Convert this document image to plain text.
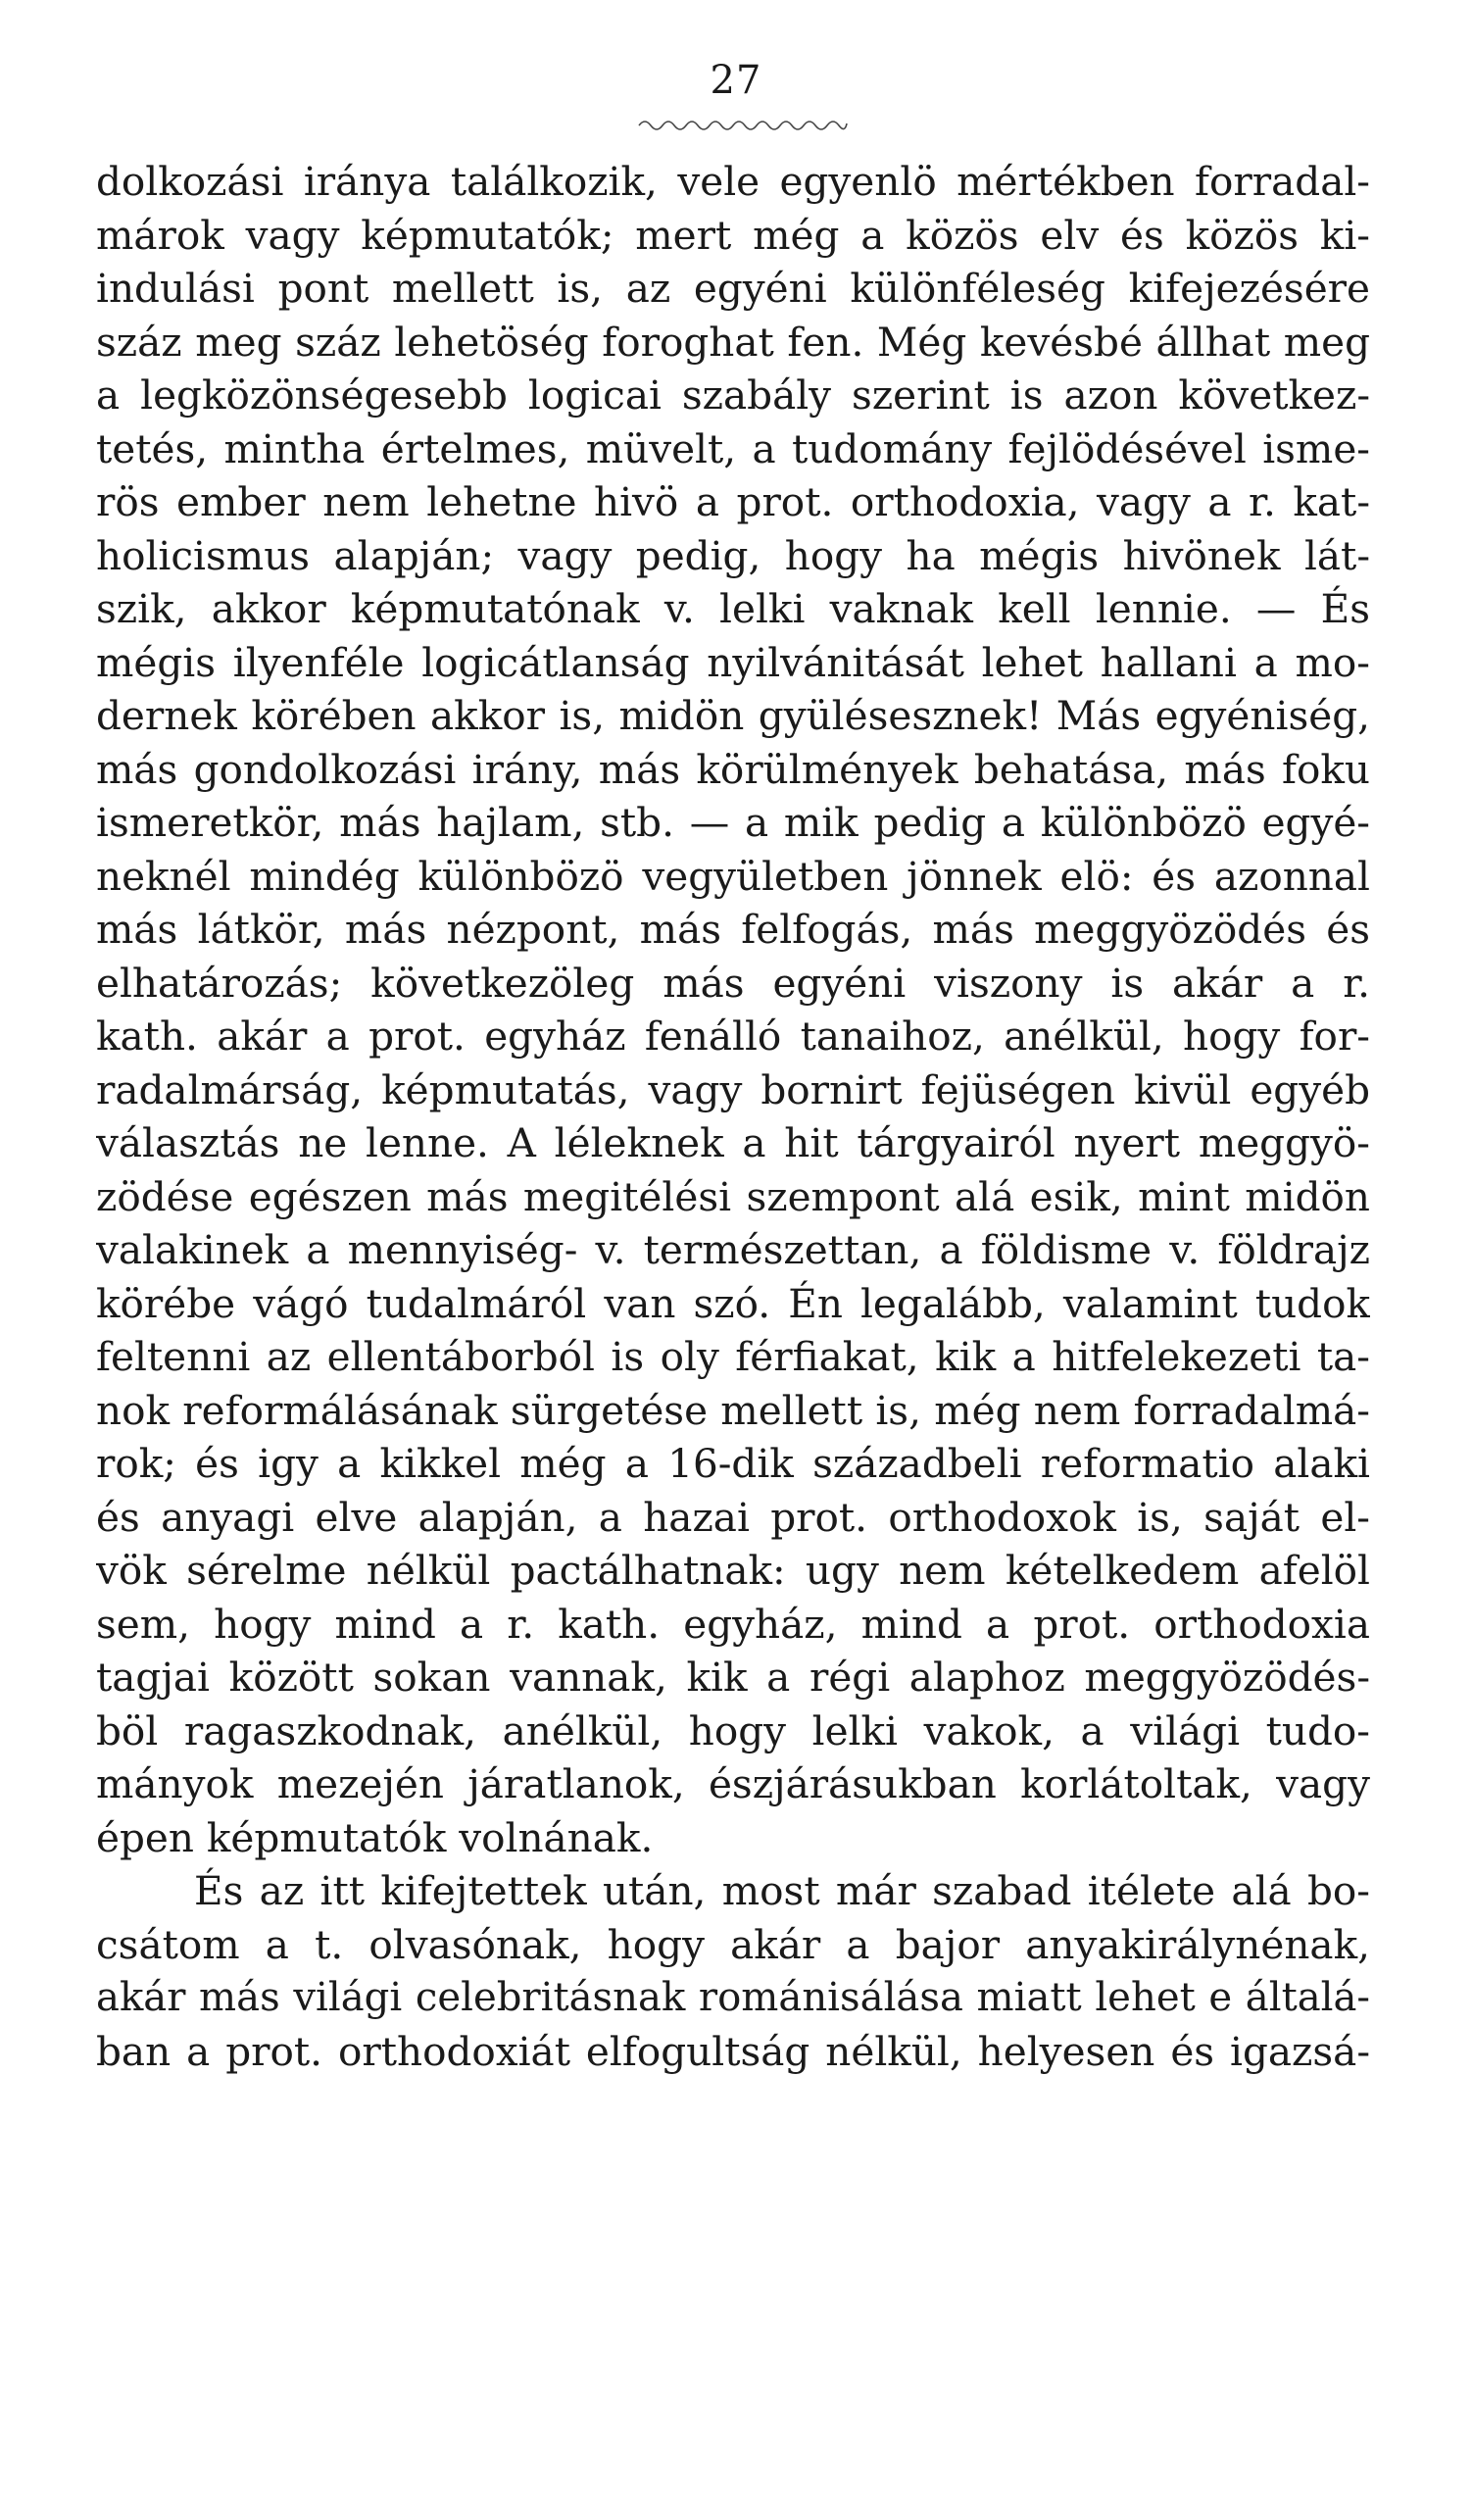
27
dolkozási iránya találkozik, vele egyenlö mértékben forradal-
márok vagy képmutatók; mert még a közös elv és közös ki-
indulási pont mellett is, az egyéni különféleség kifejezésére
száz meg száz lehetöség foroghat fen. Még kevésbé állhat meg
a legközönségesebb logicai szabály szerint is azon következ-
tetés, mintha értelmes, müvelt, a tudomány fejlödésével isme-
rös ember nem lehetne hivö a prot. orthodoxia, vagy a r. kat-
holicismus alapján; vagy pedig, hogy ha mégis hivönek lát-
szik, akkor képmutatónak v. lelki vaknak kell lennie. — És
mégis ilyenféle logicátlanság nyilvánitását lehet hallani a mo-
dernek körében akkor is, midön gyülésesznek! Más egyéniség,
más gondolkozási irány, más körülmények behatása, más foku
ismeretkör, más hajlam, stb. — a mik pedig a különbözö egyé-
neknél mindég különbözö vegyületben jönnek elö: és azonnal
más látkör, más nézpont, más felfogás, más meggyözödés és
elhatározás; következöleg más egyéni viszony is akár a r.
kath. akár a prot. egyház fenálló tanaihoz, anélkül, hogy for-
radalmárság, képmutatás, vagy bornirt fejüségen kivül egyéb
választás ne lenne. A léleknek a hit tárgyairól nyert meggyö-
zödése egészen más megitélési szempont alá esik, mint midön
valakinek a mennyiség- v. természettan, a földisme v. földrajz
körébe vágó tudalmáról van szó. Én legalább, valamint tudok
feltenni az ellentáborból is oly férfiakat, kik a hitfelekezeti ta-
nok reformálásának sürgetése mellett is, még nem forradalmá-
rok; és igy a kikkel még a 16-dik századbeli reformatio alaki
és anyagi elve alapján, a hazai prot. orthodoxok is, saját el-
vök sérelme nélkül pactálhatnak: ugy nem kételkedem afelöl
sem, hogy mind a r. kath. egyház, mind a prot. orthodoxia
tagjai között sokan vannak, kik a régi alaphoz meggyözödés-
böl ragaszkodnak, anélkül, hogy lelki vakok, a világi tudo-
mányok mezején járatlanok, észjárásukban korlátoltak, vagy
épen képmutatók volnának.
És az itt kifejtettek után, most már szabad itélete alá bo-
csátom a t. olvasónak, hogy akár a bajor anyakirálynénak,
akár más világi celebritásnak románisálása miatt lehet e általá-
ban a prot. orthodoxiát elfogultság nélkül, helyesen és igazsá-
